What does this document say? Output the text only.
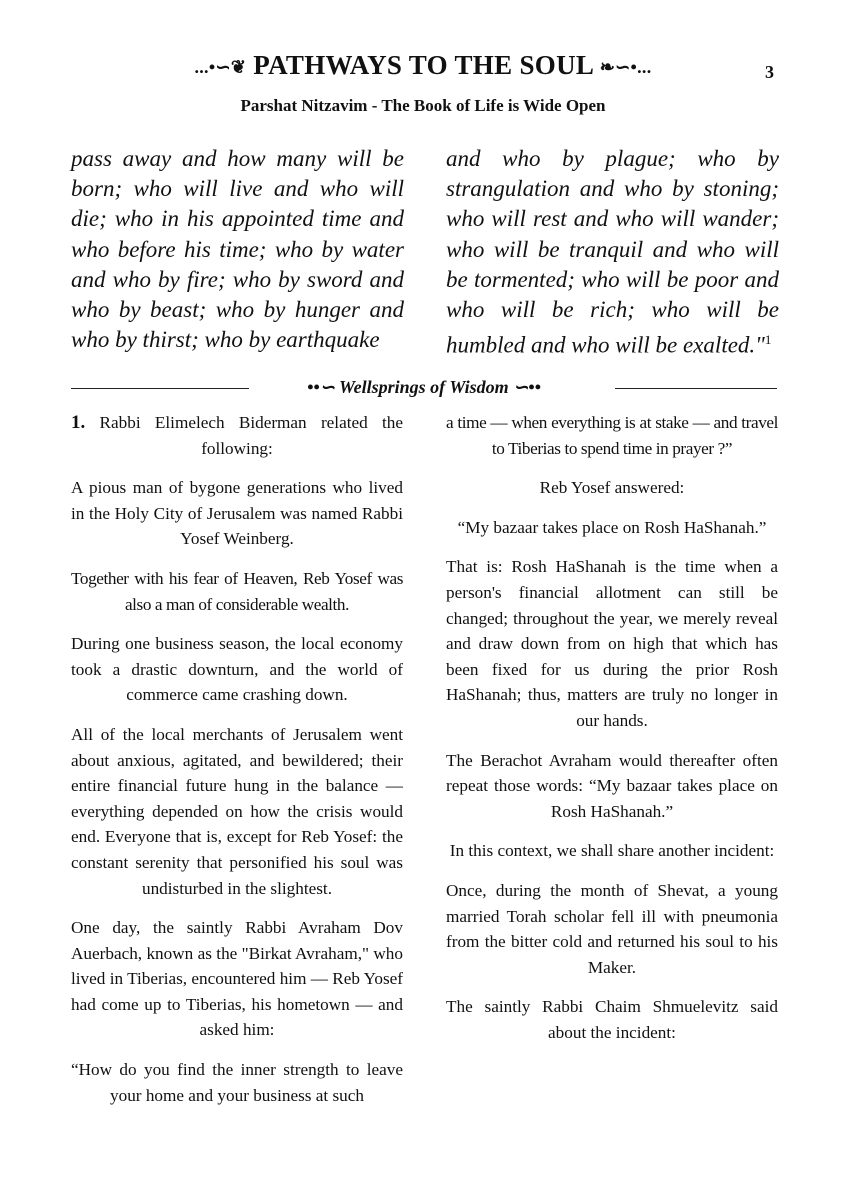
...•∽❦ PATHWAYS TO THE SOUL ❧∽•...	3
Parshat Nitzavim - The Book of Life is Wide Open
pass away and how many will be born; who will live and who will die; who in his appointed time and who before his time; who by water and who by fire; who by sword and who by beast; who by hunger and who by thirst; who by earthquake
and who by plague; who by strangulation and who by stoning; who will rest and who will wander; who will be tranquil and who will be tormented; who will be poor and who will be rich; who will be humbled and who will be exalted."$^1$
••∽ Wellsprings of Wisdom ∽••

1. Rabbi Elimelech Biderman related the following:

A pious man of bygone generations who lived in the Holy City of Jerusalem was named Rabbi Yosef Weinberg.

Together with his fear of Heaven, Reb Yosef was also a man of considerable wealth.

During one business season, the local economy took a drastic downturn, and the world of commerce came crashing down.

All of the local merchants of Jerusalem went about anxious, agitated, and bewildered; their entire financial future hung in the balance — everything depended on how the crisis would end. Everyone that is, except for Reb Yosef: the constant serenity that personified his soul was undisturbed in the slightest.

One day, the saintly Rabbi Avraham Dov Auerbach, known as the "Birkat Avraham," who lived in Tiberias, encountered him — Reb Yosef had come up to Tiberias, his hometown — and asked him:

“How do you find the inner strength to leave your home and your business at such

a time — when everything is at stake — and travel to Tiberias to spend time in prayer ?”

Reb Yosef answered:

“My bazaar takes place on Rosh HaShanah.”

That is: Rosh HaShanah is the time when a person's financial allotment can still be changed; throughout the year, we merely reveal and draw down from on high that which has been fixed for us during the prior Rosh HaShanah; thus, matters are truly no longer in our hands.

The Berachot Avraham would thereafter often repeat those words: “My bazaar takes place on Rosh HaShanah.”

In this context, we shall share another incident:

Once, during the month of Shevat, a young married Torah scholar fell ill with pneumonia from the bitter cold and returned his soul to his Maker.

The saintly Rabbi Chaim Shmuelevitz said about the incident:
